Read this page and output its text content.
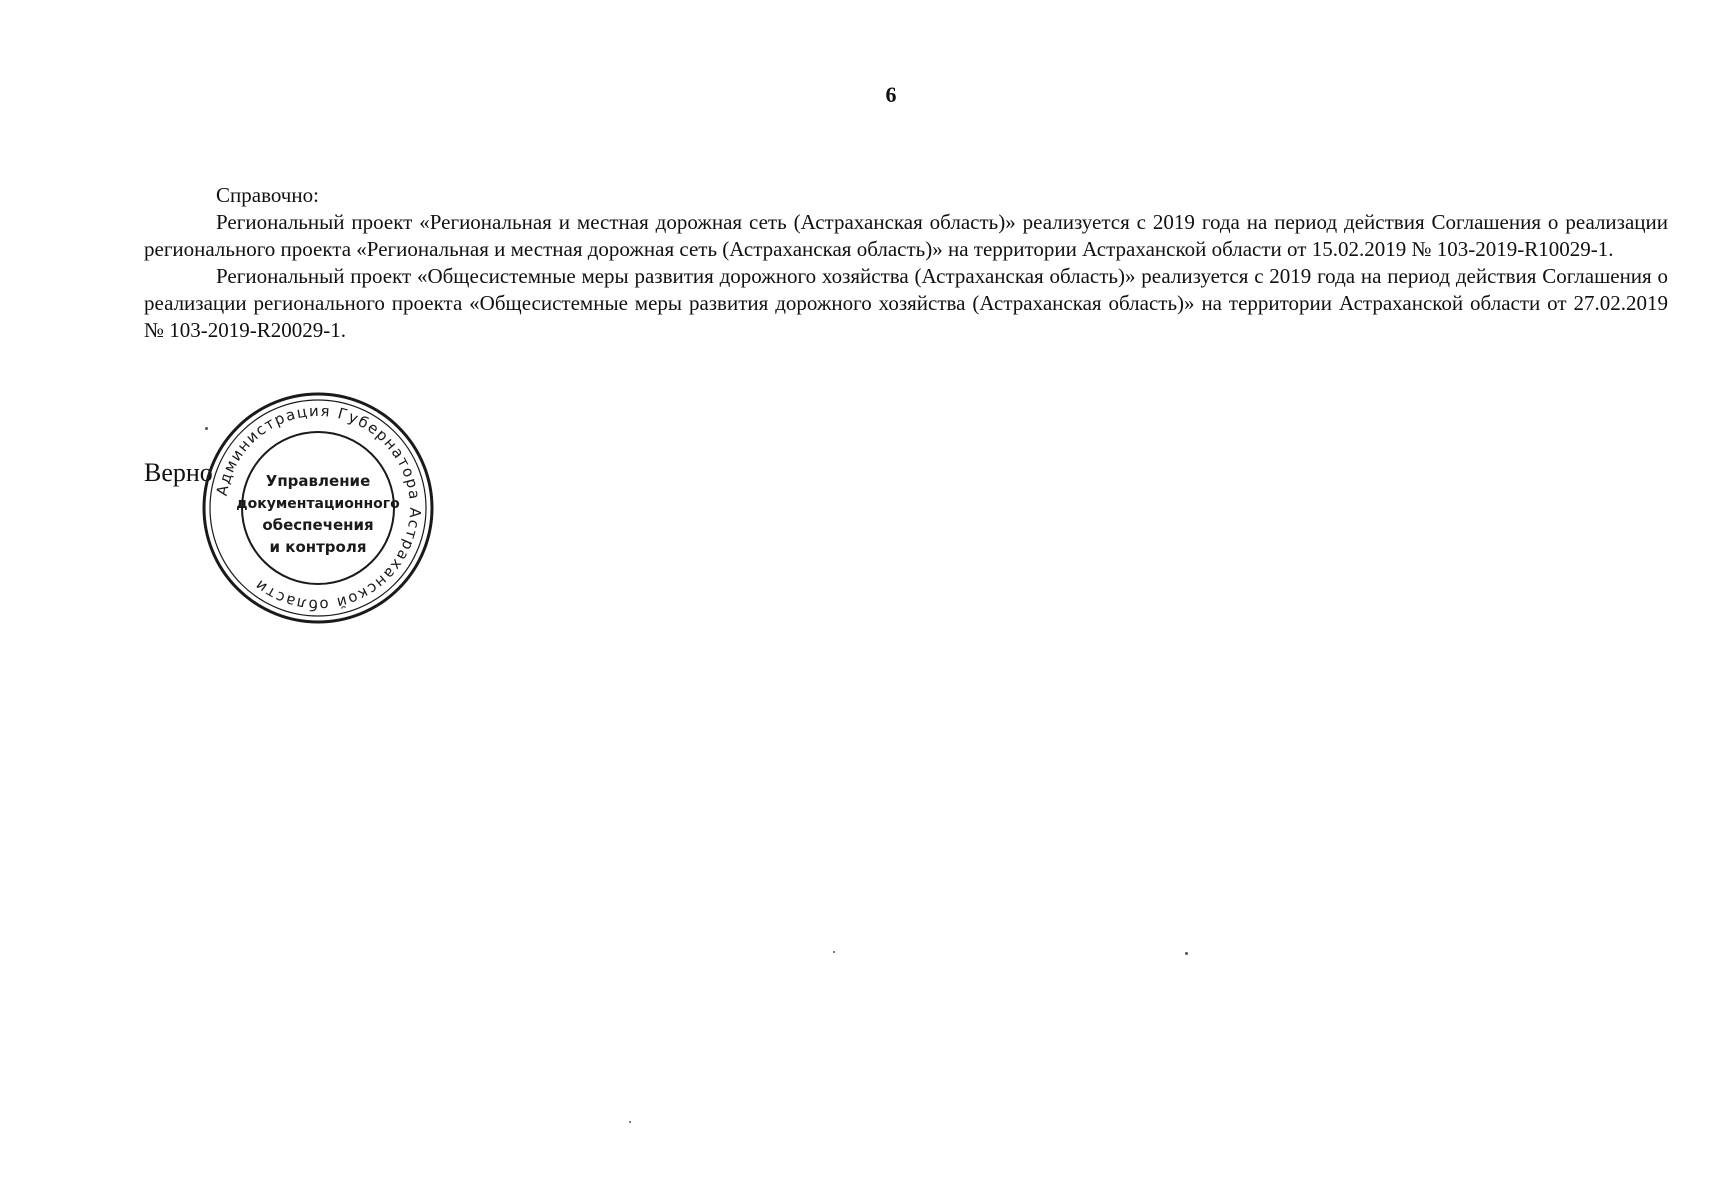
6

Справочно:

Региональный проект «Региональная и местная дорожная сеть (Астраханская область)» реализуется с 2019 года на период действия Соглашения о реализации регионального проекта «Региональная и местная дорожная сеть (Астраханская область)» на территории Астраханской области от 15.02.2019 № 103-2019-R10029-1.

Региональный проект «Общесистемные меры развития дорожного хозяйства (Астраханская область)» реализуется с 2019 года на период действия Соглашения о реализации регионального проекта «Общесистемные меры развития дорожного хозяйства (Астраханская область)» на территории Астраханской области от 27.02.2019 № 103-2019-R20029-1.

Верно
Администрация Губернатора Астраханской области
Управление
документационного
обеспечения
и контроля
